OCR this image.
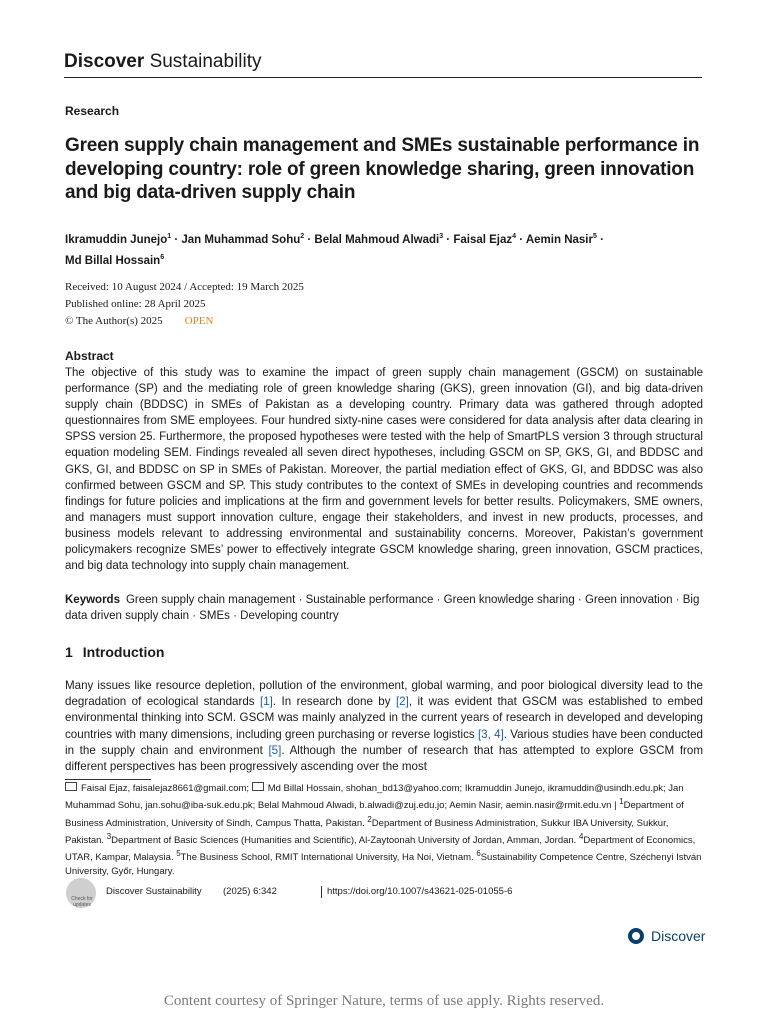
Discover Sustainability
Research
Green supply chain management and SMEs sustainable performance in developing country: role of green knowledge sharing, green innovation and big data-driven supply chain
Ikramuddin Junejo$^1$ · Jan Muhammad Sohu$^2$ · Belal Mahmoud Alwadi$^3$ · Faisal Ejaz$^4$ · Aemin Nasir$^5$ ·
Md Billal Hossain$^6$
Received: 10 August 2024 / Accepted: 19 March 2025
Published online: 28 April 2025
© The Author(s) 2025 OPEN
Abstract
The objective of this study was to examine the impact of green supply chain management (GSCM) on sustainable performance (SP) and the mediating role of green knowledge sharing (GKS), green innovation (GI), and big data-driven supply chain (BDDSC) in SMEs of Pakistan as a developing country. Primary data was gathered through adopted questionnaires from SME employees. Four hundred sixty-nine cases were considered for data analysis after data clearing in SPSS version 25. Furthermore, the proposed hypotheses were tested with the help of SmartPLS version 3 through structural equation modeling SEM. Findings revealed all seven direct hypotheses, including GSCM on SP, GKS, GI, and BDDSC and GKS, GI, and BDDSC on SP in SMEs of Pakistan. Moreover, the partial mediation effect of GKS, GI, and BDDSC was also confirmed between GSCM and SP. This study contributes to the context of SMEs in developing countries and recommends findings for future policies and implications at the firm and government levels for better results. Policymakers, SME owners, and managers must support innovation culture, engage their stakeholders, and invest in new products, processes, and business models relevant to addressing environmental and sustainability concerns. Moreover, Pakistan’s government policymakers recognize SMEs’ power to effectively integrate GSCM knowledge sharing, green innovation, GSCM practices, and big data technology into supply chain management.
Keywords Green supply chain management · Sustainable performance · Green knowledge sharing · Green innovation · Big data driven supply chain · SMEs · Developing country
1 Introduction
Many issues like resource depletion, pollution of the environment, global warming, and poor biological diversity lead to the degradation of ecological standards [1]. In research done by [2], it was evident that GSCM was established to embed environmental thinking into SCM. GSCM was mainly analyzed in the current years of research in developed and developing countries with many dimensions, including green purchasing or reverse logistics [3, 4]. Various studies have been conducted in the supply chain and environment [5]. Although the number of research that has attempted to explore GSCM from different perspectives has been progressively ascending over the most
Faisal Ejaz, faisalejaz8661@gmail.com; Md Billal Hossain, shohan_bd13@yahoo.com; Ikramuddin Junejo, ikramuddin@usindh.edu.pk; Jan Muhammad Sohu, jan.sohu@iba-suk.edu.pk; Belal Mahmoud Alwadi, b.alwadi@zuj.edu.jo; Aemin Nasir, aemin.nasir@rmit.edu.vn | $^1$Department of Business Administration, University of Sindh, Campus Thatta, Pakistan. $^2$Department of Business Administration, Sukkur IBA University, Sukkur, Pakistan. $^3$Department of Basic Sciences (Humanities and Scientific), Al-Zaytoonah University of Jordan, Amman, Jordan. $^4$Department of Economics, UTAR, Kampar, Malaysia. $^5$The Business School, RMIT International University, Ha Noi, Vietnam. $^6$Sustainability Competence Centre, Széchenyi István University, Győr, Hungary.
Check for updates
Discover Sustainability (2025) 6:342	https://doi.org/10.1007/s43621-025-01055-6
Discover
Content courtesy of Springer Nature, terms of use apply. Rights reserved.
